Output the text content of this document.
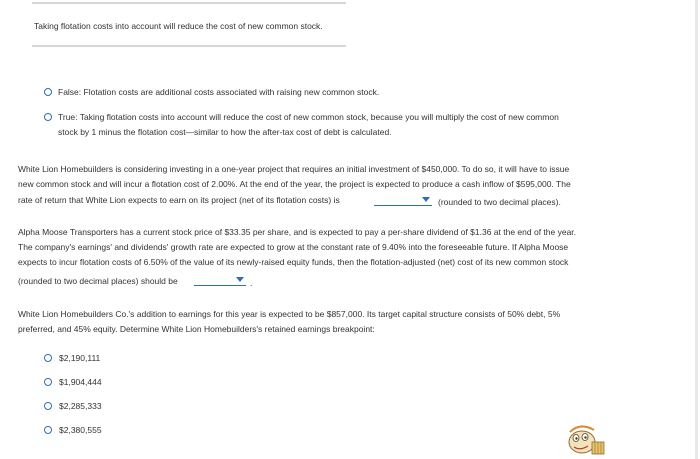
Taking flotation costs into account will reduce the cost of new common stock.
False: Flotation costs are additional costs associated with raising new common stock.
True: Taking flotation costs into account will reduce the cost of new common stock, because you will multiply the cost of new common
stock by 1 minus the flotation cost—similar to how the after-tax cost of debt is calculated.
White Lion Homebuilders is considering investing in a one-year project that requires an initial investment of $450,000. To do so, it will have to issue
new common stock and will incur a flotation cost of 2.00%. At the end of the year, the project is expected to produce a cash inflow of $595,000. The
rate of return that White Lion expects to earn on its project (net of its flotation costs) is	(rounded to two decimal places).
Alpha Moose Transporters has a current stock price of $33.35 per share, and is expected to pay a per-share dividend of $1.36 at the end of the year.
The company's earnings' and dividends' growth rate are expected to grow at the constant rate of 9.40% into the foreseeable future. If Alpha Moose
expects to incur flotation costs of 6.50% of the value of its newly-raised equity funds, then the flotation-adjusted (net) cost of its new common stock
(rounded to two decimal places) should be	.
White Lion Homebuilders Co.'s addition to earnings for this year is expected to be $857,000. Its target capital structure consists of 50% debt, 5%
preferred, and 45% equity. Determine White Lion Homebuilders's retained earnings breakpoint:
$2,190,111
$1,904,444
$2,285,333
$2,380,555
